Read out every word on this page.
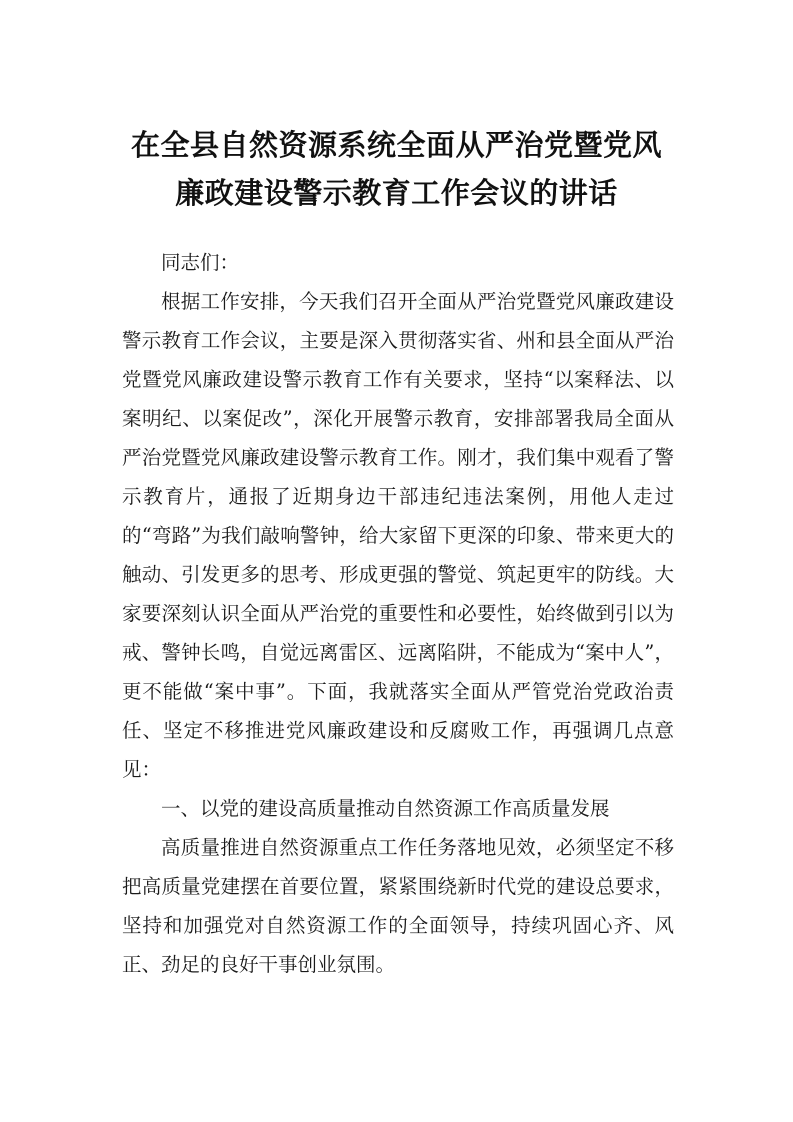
在全县自然资源系统全面从严治党暨党风
廉政建设警示教育工作会议的讲话

同志们：

根据工作安排，今天我们召开全面从严治党暨党风廉政建设警示教育工作会议，主要是深入贯彻落实省、州和县全面从严治党暨党风廉政建设警示教育工作有关要求，坚持“以案释法、以案明纪、以案促改”，深化开展警示教育，安排部署我局全面从严治党暨党风廉政建设警示教育工作。刚才，我们集中观看了警示教育片，通报了近期身边干部违纪违法案例，用他人走过的“弯路”为我们敲响警钟，给大家留下更深的印象、带来更大的触动、引发更多的思考、形成更强的警觉、筑起更牢的防线。大家要深刻认识全面从严治党的重要性和必要性，始终做到引以为戒、警钟长鸣，自觉远离雷区、远离陷阱，不能成为“案中人”，更不能做“案中事”。下面，我就落实全面从严管党治党政治责任、坚定不移推进党风廉政建设和反腐败工作，再强调几点意见：

一、以党的建设高质量推动自然资源工作高质量发展

高质量推进自然资源重点工作任务落地见效，必须坚定不移把高质量党建摆在首要位置，紧紧围绕新时代党的建设总要求，坚持和加强党对自然资源工作的全面领导，持续巩固心齐、风正、劲足的良好干事创业氛围。
